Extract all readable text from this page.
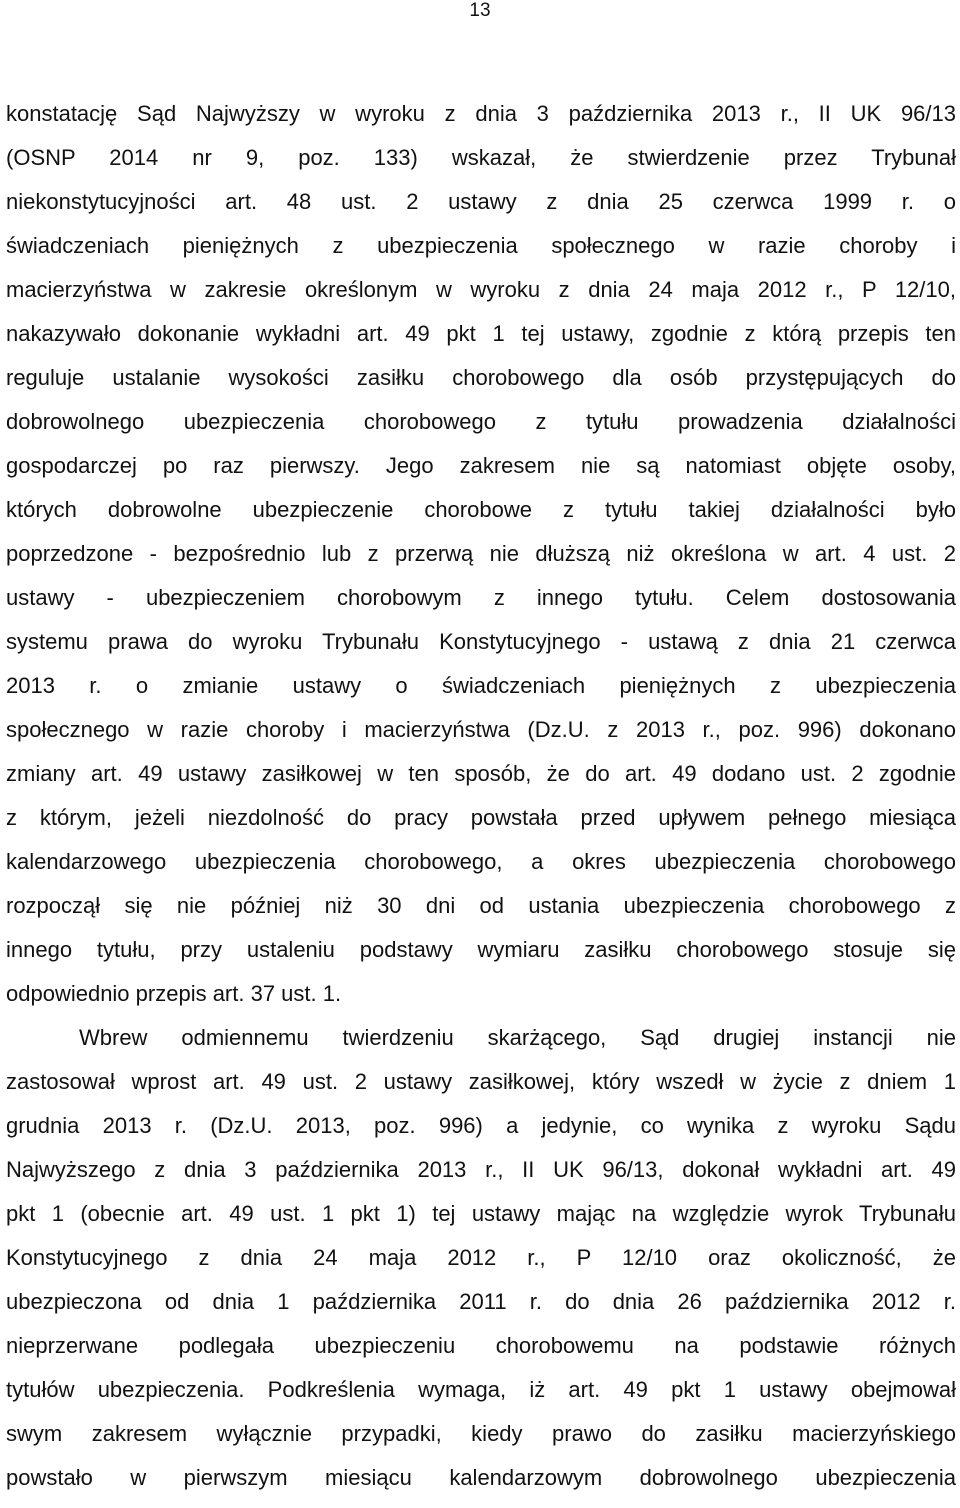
13
konstatację Sąd Najwyższy w wyroku z dnia 3 października 2013 r., II UK 96/13
(OSNP 2014 nr 9, poz. 133) wskazał, że stwierdzenie przez Trybunał
niekonstytucyjności art. 48 ust. 2 ustawy z dnia 25 czerwca 1999 r. o
świadczeniach pieniężnych z ubezpieczenia społecznego w razie choroby i
macierzyństwa w zakresie określonym w wyroku z dnia 24 maja 2012 r., P 12/10,
nakazywało dokonanie wykładni art. 49 pkt 1 tej ustawy, zgodnie z którą przepis ten
reguluje ustalanie wysokości zasiłku chorobowego dla osób przystępujących do
dobrowolnego ubezpieczenia chorobowego z tytułu prowadzenia działalności
gospodarczej po raz pierwszy. Jego zakresem nie są natomiast objęte osoby,
których dobrowolne ubezpieczenie chorobowe z tytułu takiej działalności było
poprzedzone - bezpośrednio lub z przerwą nie dłuższą niż określona w art. 4 ust. 2
ustawy - ubezpieczeniem chorobowym z innego tytułu. Celem dostosowania
systemu prawa do wyroku Trybunału Konstytucyjnego - ustawą z dnia 21 czerwca
2013 r. o zmianie ustawy o świadczeniach pieniężnych z ubezpieczenia
społecznego w razie choroby i macierzyństwa (Dz.U. z 2013 r., poz. 996) dokonano
zmiany art. 49 ustawy zasiłkowej w ten sposób, że do art. 49 dodano ust. 2 zgodnie
z którym, jeżeli niezdolność do pracy powstała przed upływem pełnego miesiąca
kalendarzowego ubezpieczenia chorobowego, a okres ubezpieczenia chorobowego
rozpoczął się nie później niż 30 dni od ustania ubezpieczenia chorobowego z
innego tytułu, przy ustaleniu podstawy wymiaru zasiłku chorobowego stosuje się
odpowiednio przepis art. 37 ust. 1.
Wbrew odmiennemu twierdzeniu skarżącego, Sąd drugiej instancji nie
zastosował wprost art. 49 ust. 2 ustawy zasiłkowej, który wszedł w życie z dniem 1
grudnia 2013 r. (Dz.U. 2013, poz. 996) a jedynie, co wynika z wyroku Sądu
Najwyższego z dnia 3 października 2013 r., II UK 96/13, dokonał wykładni art. 49
pkt 1 (obecnie art. 49 ust. 1 pkt 1) tej ustawy mając na względzie wyrok Trybunału
Konstytucyjnego z dnia 24 maja 2012 r., P 12/10 oraz okoliczność, że
ubezpieczona od dnia 1 października 2011 r. do dnia 26 października 2012 r.
nieprzerwane podlegała ubezpieczeniu chorobowemu na podstawie różnych
tytułów ubezpieczenia. Podkreślenia wymaga, iż art. 49 pkt 1 ustawy obejmował
swym zakresem wyłącznie przypadki, kiedy prawo do zasiłku macierzyńskiego
powstało w pierwszym miesiącu kalendarzowym dobrowolnego ubezpieczenia
